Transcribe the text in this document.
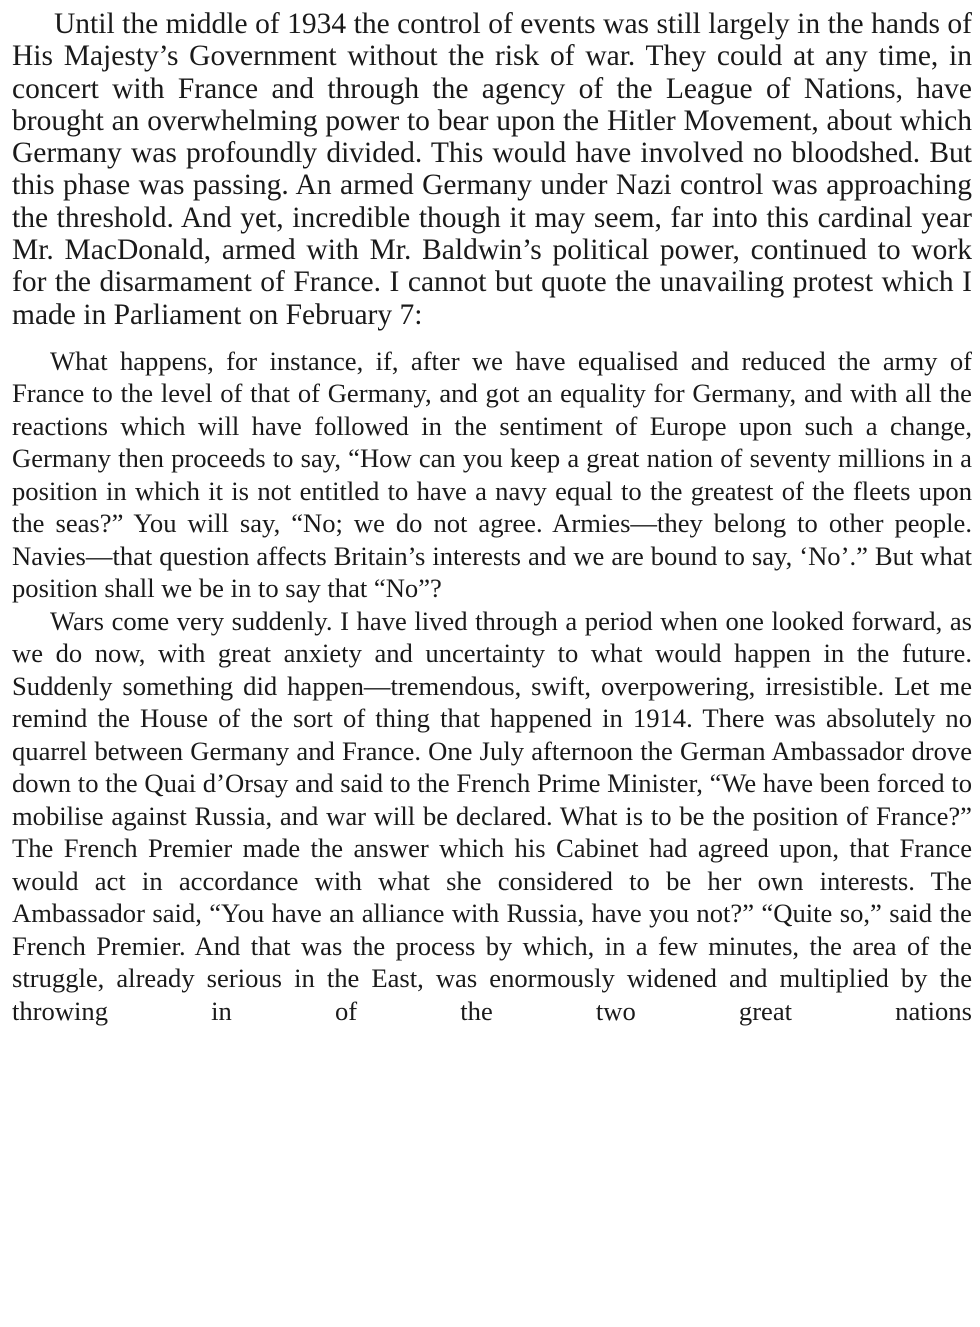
Until the middle of 1934 the control of events was still largely in the hands of His Majesty’s Government without the risk of war. They could at any time, in concert with France and through the agency of the League of Nations, have brought an overwhelming power to bear upon the Hitler Movement, about which Germany was profoundly divided. This would have involved no bloodshed. But this phase was passing. An armed Germany under Nazi control was approaching the threshold. And yet, incredible though it may seem, far into this cardinal year Mr. MacDonald, armed with Mr. Baldwin’s political power, continued to work for the disarmament of France. I cannot but quote the unavailing protest which I made in Parliament on February 7:

What happens, for instance, if, after we have equalised and reduced the army of France to the level of that of Germany, and got an equality for Germany, and with all the reactions which will have followed in the sentiment of Europe upon such a change, Germany then proceeds to say, “How can you keep a great nation of seventy millions in a position in which it is not entitled to have a navy equal to the greatest of the fleets upon the seas?” You will say, “No; we do not agree. Armies—they belong to other people. Navies—that question affects Britain’s interests and we are bound to say, ‘No’.” But what position shall we be in to say that “No”?

Wars come very suddenly. I have lived through a period when one looked forward, as we do now, with great anxiety and uncertainty to what would happen in the future. Suddenly something did happen—tremendous, swift, overpowering, irresistible. Let me remind the House of the sort of thing that happened in 1914. There was absolutely no quarrel between Germany and France. One July afternoon the German Ambassador drove down to the Quai d’Orsay and said to the French Prime Minister, “We have been forced to mobilise against Russia, and war will be declared. What is to be the position of France?” The French Premier made the answer which his Cabinet had agreed upon, that France would act in accordance with what she considered to be her own interests. The Ambassador said, “You have an alliance with Russia, have you not?” “Quite so,” said the French Premier. And that was the process by which, in a few minutes, the area of the struggle, already serious in the East, was enormously widened and multiplied by the throwing in of the two great nations
